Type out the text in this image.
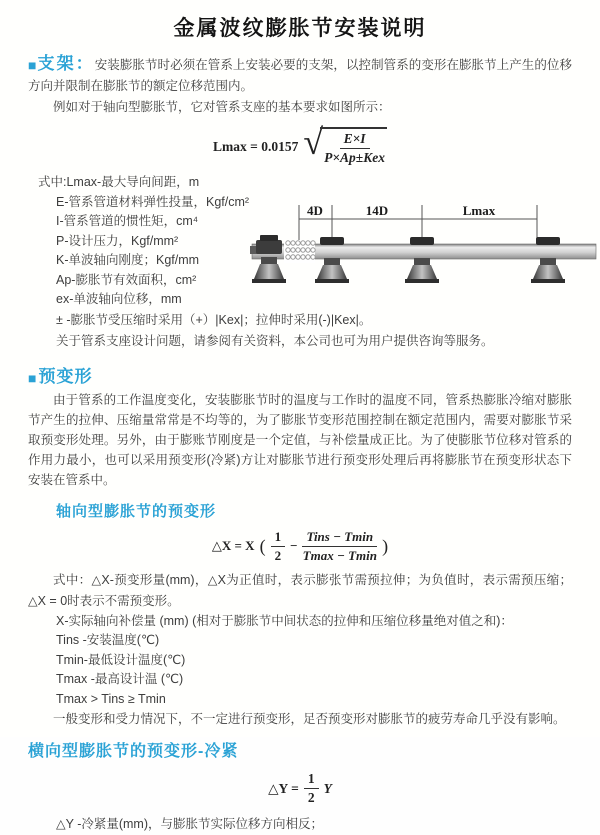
金属波纹膨胀节安装说明

■支架：安装膨胀节时必须在管系上安装必要的支架，以控制管系的变形在膨胀节上产生的位移方向并限制在膨胀节的额定位移范围内。

例如对于轴向型膨胀节，它对管系支座的基本要求如图所示：

Lmax = 0.0157 √ $\frac{E\times I}{\text{P×Ap±Kex}}$

式中:Lmax-最大导向间距，m

E-管系管道材料弹性投量，Kgf/cm²

I-管系管道的惯性矩，cm⁴

P-设计压力，Kgf/mm²

K-单波轴向刚度；Kgf/mm

Ap-膨胀节有效面积，cm²

ex-单波轴向位移，mm

4D	14D	Lmax

± -膨胀节受压缩时采用（+）|Kex|；拉伸时采用(-)|Kex|。

关于管系支座设计问题，请参阅有关资料，本公司也可为用户提供咨询等服务。

■预变形

由于管系的工作温度变化，安装膨胀节时的温度与工作时的温度不同，管系热膨胀冷缩对膨胀节产生的拉伸、压缩量常常是不均等的，为了膨胀节变形范围控制在额定范围内，需要对膨胀节采取预变形处理。另外，由于膨账节刚度是一个定值，与补偿量成正比。为了使膨胀节位移对管系的作用力最小，也可以采用预变形(冷紧)方让对膨胀节进行预变形处理后再将膨胀节在预变形状态下安装在管系中。

轴向型膨胀节的预变形
△X = X ( $\frac{1}{2} - \frac{\text{Tins − Tmin}}{Tmax - Tmin}$ )

式中：△X-预变形量(mm)，△X为正值时，表示膨张节需预拉伸；为负值时，表示需预压缩；△X = 0时表示不需预变形。

X-实际轴向补偿量 (mm) (相对于膨胀节中间状态的拉伸和压缩位移量绝对值之和)：

Tins -安装温度(℃)

Tmin-最低设计温度(℃)

Tmax -最高设计温 (℃)

Tmax > Tins ≥ Tmin

一般变形和受力情况下，不一定进行预变形，足否预变形对膨胀节的疲劳寿命几乎没有影响。

横向型膨胀节的预变形-冷紧
△Y = $\frac{1}{2}$ Y

△Y -冷紧量(mm)，与膨胀节实际位移方向相反；
